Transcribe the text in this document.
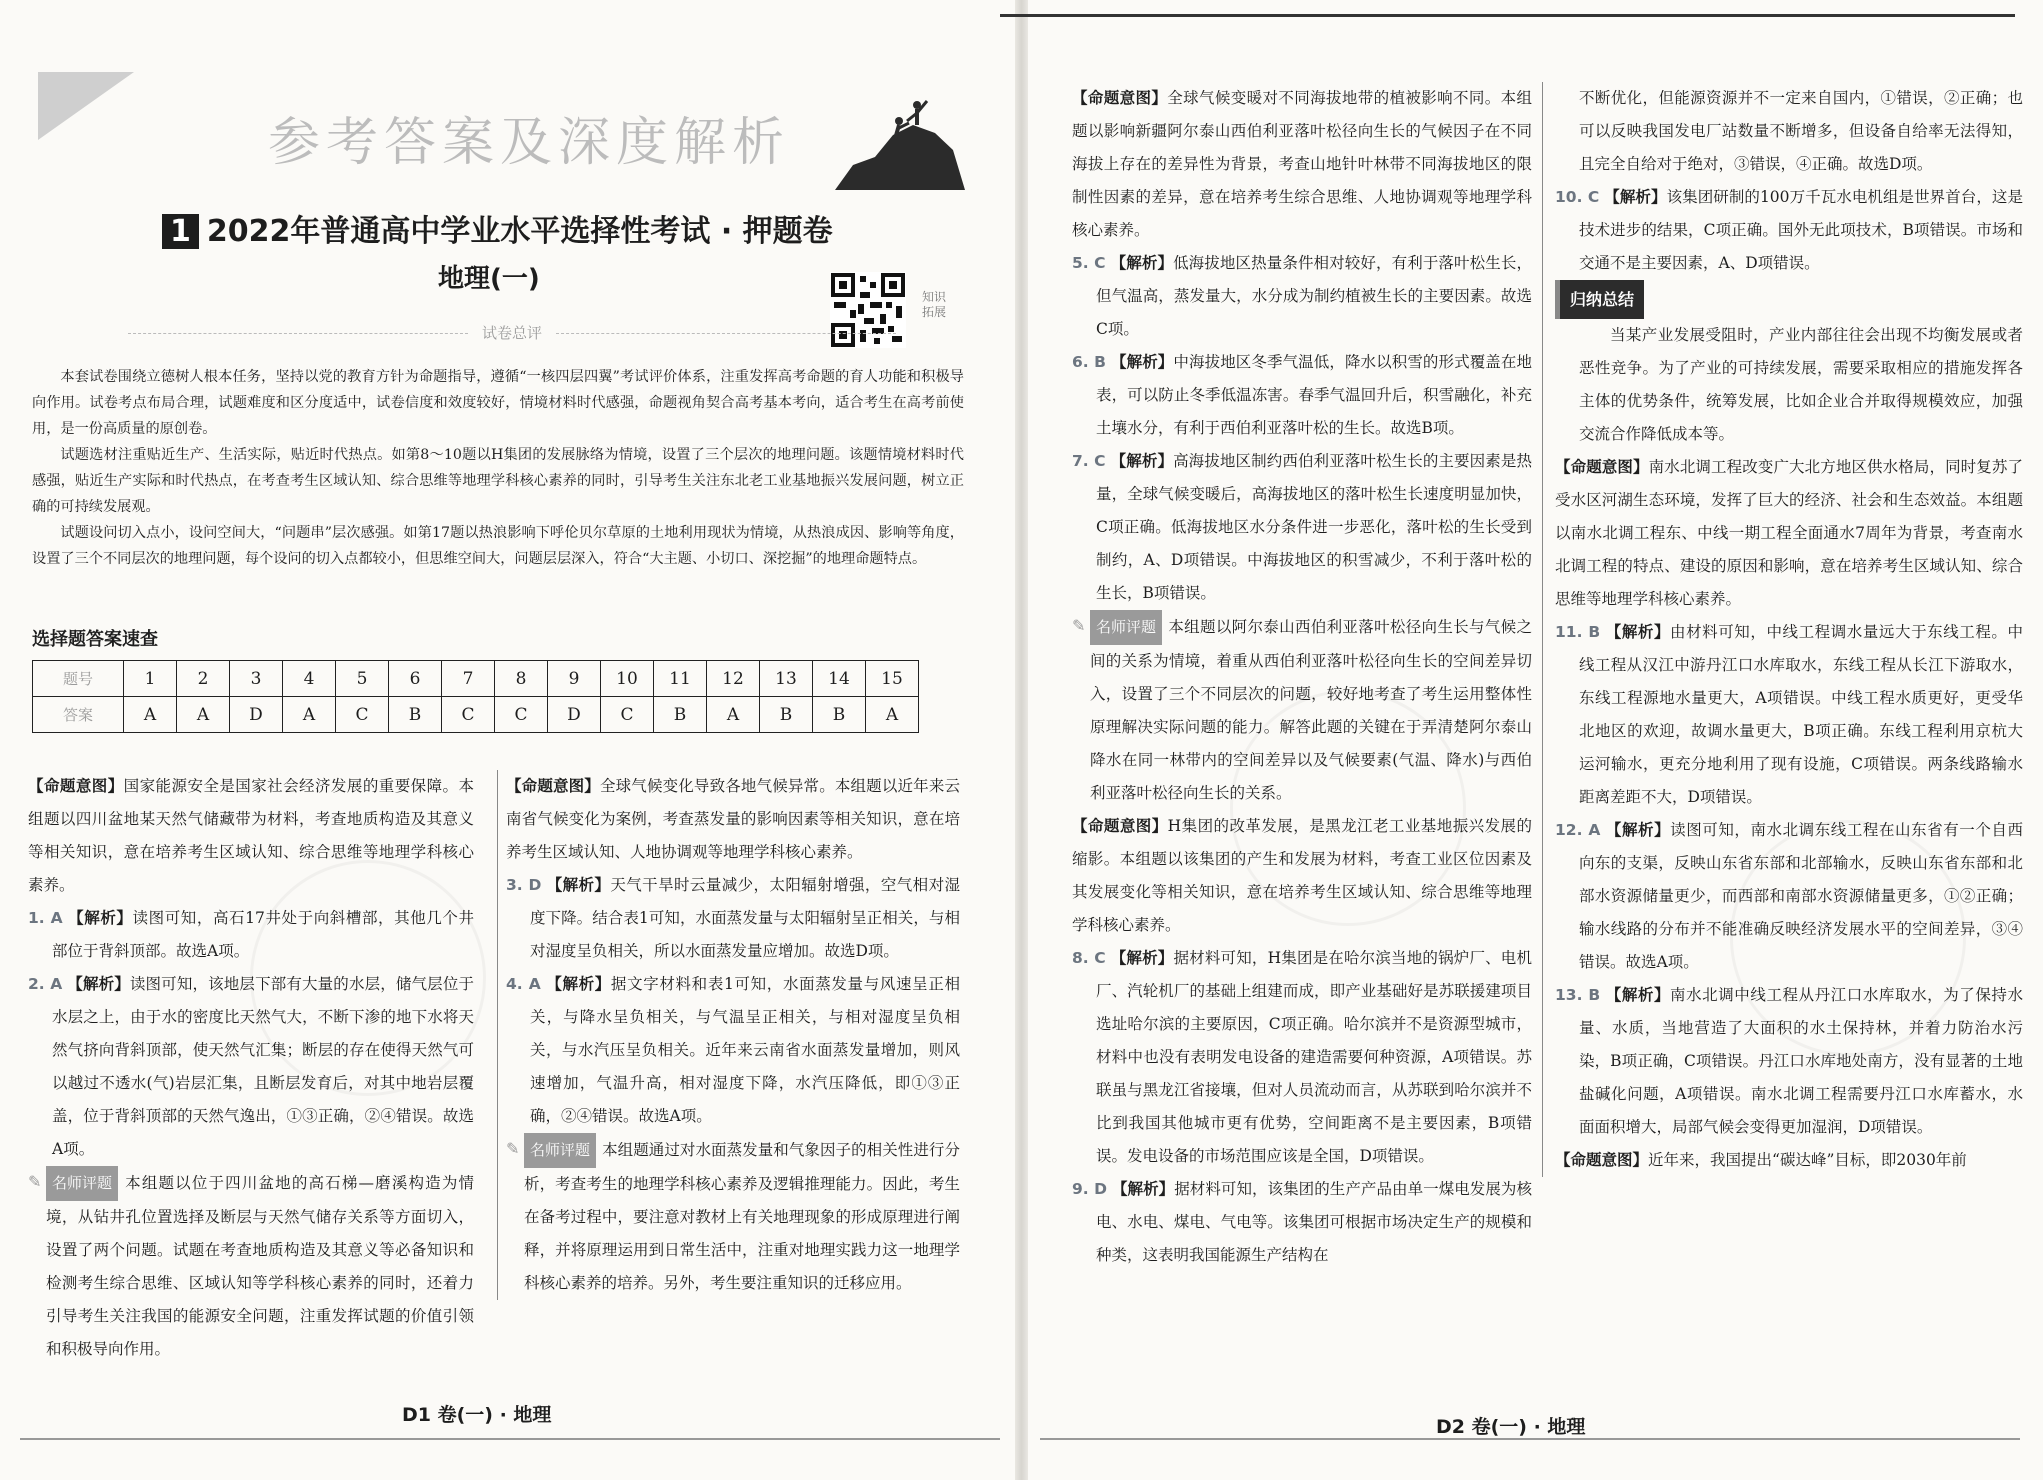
参考答案及深度解析
1 2022年普通高中学业水平选择性考试 · 押题卷
地理(一)
知识 拓展
试卷总评

本套试卷围绕立德树人根本任务，坚持以党的教育方针为命题指导，遵循“一核四层四翼”考试评价体系，注重发挥高考命题的育人功能和积极导向作用。试卷考点布局合理，试题难度和区分度适中，试卷信度和效度较好，情境材料时代感强，命题视角契合高考基本考向，适合考生在高考前使用，是一份高质量的原创卷。

试题选材注重贴近生产、生活实际，贴近时代热点。如第8～10题以H集团的发展脉络为情境，设置了三个层次的地理问题。该题情境材料时代感强，贴近生产实际和时代热点，在考查考生区域认知、综合思维等地理学科核心素养的同时，引导考生关注东北老工业基地振兴发展问题，树立正确的可持续发展观。

试题设问切入点小，设问空间大，“问题串”层次感强。如第17题以热浪影响下呼伦贝尔草原的土地利用现状为情境，从热浪成因、影响等角度，设置了三个不同层次的地理问题，每个设问的切入点都较小，但思维空间大，问题层层深入，符合“大主题、小切口、深挖掘”的地理命题特点。

选择题答案速查
题号	1	2	3	4	5	6	7	8	9	10	11	12	13	14	15
答案	A	A	D	A	C	B	C	C	D	C	B	A	B	B	A

【命题意图】国家能源安全是国家社会经济发展的重要保障。本组题以四川盆地某天然气储藏带为材料，考查地质构造及其意义等相关知识，意在培养考生区域认知、综合思维等地理学科核心素养。

1. A 【解析】读图可知，高石17井处于向斜槽部，其他几个井部位于背斜顶部。故选A项。

2. A 【解析】读图可知，该地层下部有大量的水层，储气层位于水层之上，由于水的密度比天然气大，不断下渗的地下水将天然气挤向背斜顶部，使天然气汇集；断层的存在使得天然气可以越过不透水(气)岩层汇集，且断层发育后，对其中地岩层覆盖，位于背斜顶部的天然气逸出，①③正确，②④错误。故选A项。

✎ 名师评题 本组题以位于四川盆地的高石梯—磨溪构造为情境，从钻井孔位置选择及断层与天然气储存关系等方面切入，设置了两个问题。试题在考查地质构造及其意义等必备知识和检测考生综合思维、区域认知等学科核心素养的同时，还着力引导考生关注我国的能源安全问题，注重发挥试题的价值引领和积极导向作用。

【命题意图】全球气候变化导致各地气候异常。本组题以近年来云南省气候变化为案例，考查蒸发量的影响因素等相关知识，意在培养考生区域认知、人地协调观等地理学科核心素养。

3. D 【解析】天气干旱时云量减少，太阳辐射增强，空气相对湿度下降。结合表1可知，水面蒸发量与太阳辐射呈正相关，与相对湿度呈负相关，所以水面蒸发量应增加。故选D项。

4. A 【解析】据文字材料和表1可知，水面蒸发量与风速呈正相关，与降水呈负相关，与气温呈正相关，与相对湿度呈负相关，与水汽压呈负相关。近年来云南省水面蒸发量增加，则风速增加，气温升高，相对湿度下降，水汽压降低，即①③正确，②④错误。故选A项。

✎ 名师评题 本组题通过对水面蒸发量和气象因子的相关性进行分析，考查考生的地理学科核心素养及逻辑推理能力。因此，考生在备考过程中，要注意对教材上有关地理现象的形成原理进行阐释，并将原理运用到日常生活中，注重对地理实践力这一地理学科核心素养的培养。另外，考生要注重知识的迁移应用。

D1 卷(一) · 地理

【命题意图】全球气候变暖对不同海拔地带的植被影响不同。本组题以影响新疆阿尔泰山西伯利亚落叶松径向生长的气候因子在不同海拔上存在的差异性为背景，考查山地针叶林带不同海拔地区的限制性因素的差异，意在培养考生综合思维、人地协调观等地理学科核心素养。

5. C 【解析】低海拔地区热量条件相对较好，有利于落叶松生长，但气温高，蒸发量大，水分成为制约植被生长的主要因素。故选C项。

6. B 【解析】中海拔地区冬季气温低，降水以积雪的形式覆盖在地表，可以防止冬季低温冻害。春季气温回升后，积雪融化，补充土壤水分，有利于西伯利亚落叶松的生长。故选B项。

7. C 【解析】高海拔地区制约西伯利亚落叶松生长的主要因素是热量，全球气候变暖后，高海拔地区的落叶松生长速度明显加快，C项正确。低海拔地区水分条件进一步恶化，落叶松的生长受到制约，A、D项错误。中海拔地区的积雪减少，不利于落叶松的生长，B项错误。

✎ 名师评题 本组题以阿尔泰山西伯利亚落叶松径向生长与气候之间的关系为情境，着重从西伯利亚落叶松径向生长的空间差异切入，设置了三个不同层次的问题，较好地考查了考生运用整体性原理解决实际问题的能力。解答此题的关键在于弄清楚阿尔泰山降水在同一林带内的空间差异以及气候要素(气温、降水)与西伯利亚落叶松径向生长的关系。

【命题意图】H集团的改革发展，是黑龙江老工业基地振兴发展的缩影。本组题以该集团的产生和发展为材料，考查工业区位因素及其发展变化等相关知识，意在培养考生区域认知、综合思维等地理学科核心素养。

8. C 【解析】据材料可知，H集团是在哈尔滨当地的锅炉厂、电机厂、汽轮机厂的基础上组建而成，即产业基础好是苏联援建项目选址哈尔滨的主要原因，C项正确。哈尔滨并不是资源型城市，材料中也没有表明发电设备的建造需要何种资源，A项错误。苏联虽与黑龙江省接壤，但对人员流动而言，从苏联到哈尔滨并不比到我国其他城市更有优势，空间距离不是主要因素，B项错误。发电设备的市场范围应该是全国，D项错误。

9. D 【解析】据材料可知，该集团的生产产品由单一煤电发展为核电、水电、煤电、气电等。该集团可根据市场决定生产的规模和种类，这表明我国能源生产结构在

不断优化，但能源资源并不一定来自国内，①错误，②正确；也可以反映我国发电厂站数量不断增多，但设备自给率无法得知，且完全自给对于绝对，③错误，④正确。故选D项。

10. C 【解析】该集团研制的100万千瓦水电机组是世界首台，这是技术进步的结果，C项正确。国外无此项技术，B项错误。市场和交通不是主要因素，A、D项错误。

归纳总结

当某产业发展受阻时，产业内部往往会出现不均衡发展或者恶性竞争。为了产业的可持续发展，需要采取相应的措施发挥各主体的优势条件，统筹发展，比如企业合并取得规模效应，加强交流合作降低成本等。

【命题意图】南水北调工程改变广大北方地区供水格局，同时复苏了受水区河湖生态环境，发挥了巨大的经济、社会和生态效益。本组题以南水北调工程东、中线一期工程全面通水7周年为背景，考查南水北调工程的特点、建设的原因和影响，意在培养考生区域认知、综合思维等地理学科核心素养。

11. B 【解析】由材料可知，中线工程调水量远大于东线工程。中线工程从汉江中游丹江口水库取水，东线工程从长江下游取水，东线工程源地水量更大，A项错误。中线工程水质更好，更受华北地区的欢迎，故调水量更大，B项正确。东线工程利用京杭大运河输水，更充分地利用了现有设施，C项错误。两条线路输水距离差距不大，D项错误。

12. A 【解析】读图可知，南水北调东线工程在山东省有一个自西向东的支渠，反映山东省东部和北部输水，反映山东省东部和北部水资源储量更少，而西部和南部水资源储量更多，①②正确；输水线路的分布并不能准确反映经济发展水平的空间差异，③④错误。故选A项。

13. B 【解析】南水北调中线工程从丹江口水库取水，为了保持水量、水质，当地营造了大面积的水土保持林，并着力防治水污染，B项正确，C项错误。丹江口水库地处南方，没有显著的土地盐碱化问题，A项错误。南水北调工程需要丹江口水库蓄水，水面面积增大，局部气候会变得更加湿润，D项错误。

【命题意图】近年来，我国提出“碳达峰”目标，即2030年前

D2 卷(一) · 地理
